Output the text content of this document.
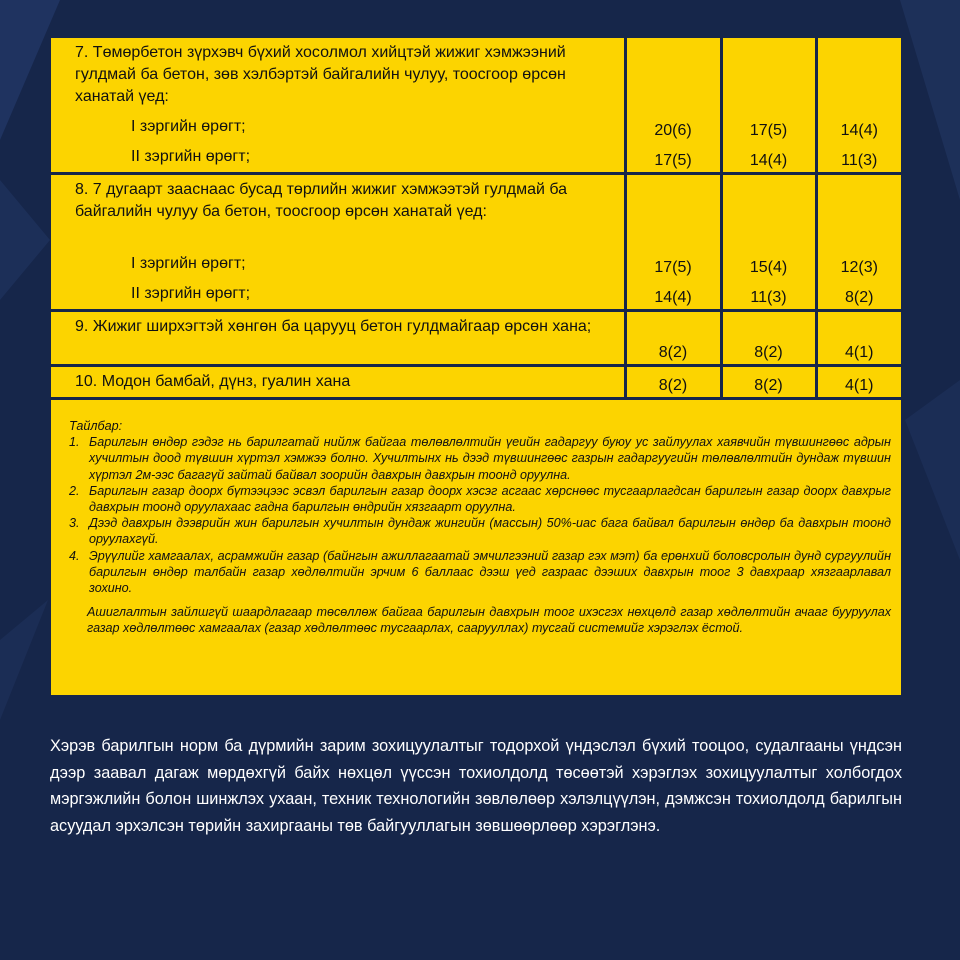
7. Төмөрбетон зүрхэвч бүхий хосолмол хийцтэй жижиг хэмжээний гулдмай ба бетон, зөв хэлбэртэй байгалийн чулуу, тоосгоор өрсөн ханатай үед:			
I зэргийн өрөгт;	20(6)	17(5)	14(4)
II зэргийн өрөгт;	17(5)	14(4)	11(3)
8. 7 дугаарт зааснаас бусад төрлийн жижиг хэмжээтэй гулдмай ба байгалийн чулуу ба бетон, тоосгоор өрсөн ханатай үед:			
I зэргийн өрөгт;	17(5)	15(4)	12(3)
II зэргийн өрөгт;	14(4)	11(3)	8(2)
9. Жижиг ширхэгтэй хөнгөн ба царууц бетон гулдмайгаар өрсөн хана;	8(2)	8(2)	4(1)
10. Модон бамбай, дүнз, гуалин хана	8(2)	8(2)	4(1)
Тайлбар:
1. Барилгын өндөр гэдэг нь барилгатай нийлж байгаа төлөвлөлтийн үеийн гадаргуу буюу ус зайлуулах хаявчийн түвшингөөс адрын хучилтын доод түвшин хүртэл хэмжээ болно. Хучилтынх нь дээд түвшингөөс газрын гадаргуугийн төлөвлөлтийн дундаж түвшин хүртэл 2м-ээс багагүй зайтай байвал зоорийн давхрын давхрын тоонд оруулна.
2. Барилгын газар доорх бүтээцээс эсвэл барилгын газар доорх хэсэг асгаас хөрснөөс тусгаарлагдсан барилгын газар доорх давхрыг давхрын тоонд оруулахаас гадна барилгын өндрийн хязгаарт оруулна.
3. Дээд давхрын дээврийн жин барилгын хучилтын дундаж жингийн (массын) 50%-иас бага байвал барилгын өндөр ба давхрын тоонд оруулахгүй.
4. Эрүүлийг хамгаалах, асрамжийн газар (байнгын ажиллагаатай эмчилгээний газар гэх мэт) ба ерөнхий боловсролын дунд сургуулийн барилгын өндөр талбайн газар хөдлөлтийн эрчим 6 баллаас дээш үед газраас дээших давхрын тоог 3 давхраар хязгаарлавал зохино.
Ашиглалтын зайлшгүй шаардлагаар төсөллөж байгаа барилгын давхрын тоог ихэсгэх нөхцөлд газар хөдлөлтийн ачааг бууруулах газар хөдлөлтөөс хамгаалах (газар хөдлөлтөөс тусгаарлах, саарууллах) тусгай системийг хэрэглэх ёстой.
Хэрэв барилгын норм ба дүрмийн зарим зохицуулалтыг тодорхой үндэслэл бүхий тооцоо, судалгааны үндсэн дээр заавал дагаж мөрдөхгүй байх нөхцөл үүссэн тохиолдолд төсөөтэй хэрэглэх зохицуулалтыг холбогдох мэргэжлийн болон шинжлэх ухаан, техник технологийн зөвлөлөөр хэлэлцүүлэн, дэмжсэн тохиолдолд барилгын асуудал эрхэлсэн төрийн захиргааны төв байгууллагын зөвшөөрлөөр хэрэглэнэ.
